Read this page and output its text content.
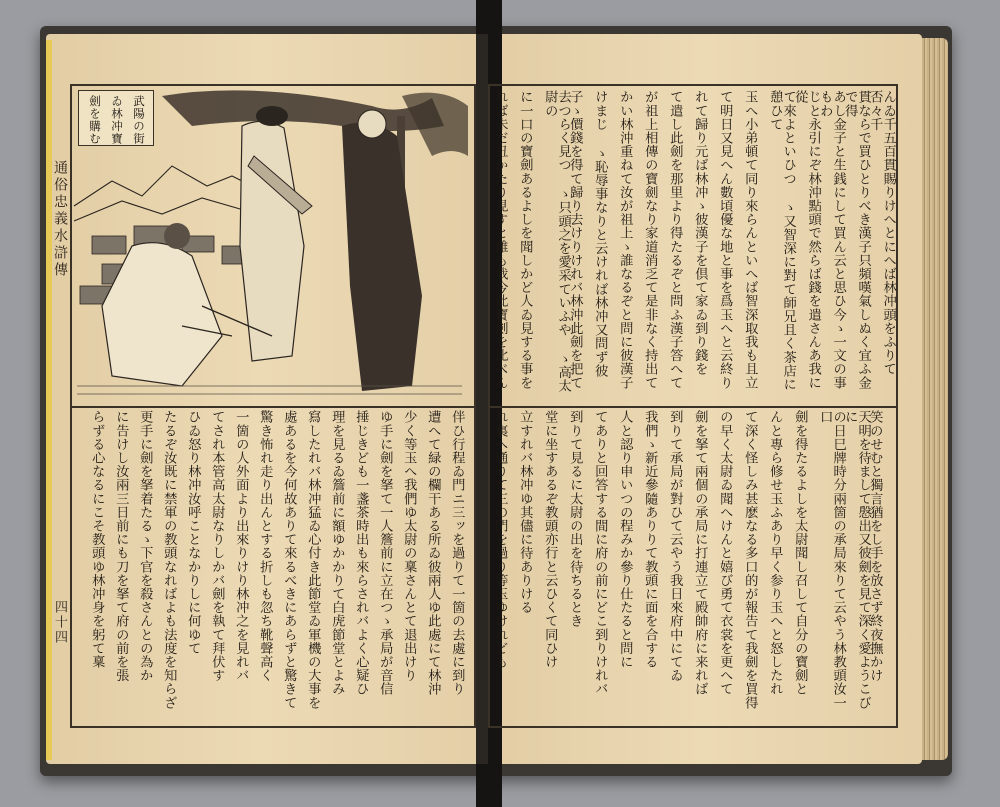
通俗忠義水滸傳
四十四
武陽の街
ゐ林冲寶
劍を購む	んゐ千五百貫賜りけへとにへば林冲頭をふりて否々千
貫ならで買ひとりべき漢子只頻嘆氣しぬく宜ふ金で得
あし金子と生銭にして買ん云と思ひ今ゝ一文の事もわ
じと永引にぞ林沖點頭で然らば錢を遣さんあ我に從
て來よといひつ ゝ又智深に對て師兄且く茶店に憩ひて
玉へ小弟頓て同り來らんといへば智深取我も且立
て明日又見へん數頃優な地と事を爲玉へと云終り
れて歸り元ば林冲ゝ彼漢子を倶て家ゐ到り錢を
て遣し此劍を那里より得たるぞと問ふ漢子答へて
が祖上相傳の寶劍なり家道消乏て是非なく持出て
かい林沖重ねて汝が祖上ゝ誰なるぞと問に彼漢子
けまじ ゝ恥辱事なりと云ければ林冲又問ず彼
子ゝ價錢を得て歸り去けりけれバ林沖此劍を把て
去つらく見つ ゝ只頭之を愛采ていふや ゝ高太尉の
に一口の寶劍あるよしを聞しかど人ゐ見する事を
れば未だ丑かたり見すと雖も我今此寶劍を比べん
笑のせむと獨言猶をし手を放さず終夜撫かけ
天明を待まして慇出又彼劍を見て深く愛ようこびに
の日巳牌時分兩箇の承局來りて云やう林教頭汝一口
劍を得たるよしを太尉聞し召して自分の寶劍と
んと專ら修せ玉ふあり早く参り玉へと怒したれ
て深く怪しみ甚麽なる多口的が報告て我劍を買得
の早く太尉ゐ聞へけんと嬉び勇て衣裳を更へて
劍を拏て兩個の承局に打連立て殿帥府に来れば
到りて承局が對ひて云やう我日來府中にてゐ
我們ゝ新近參隨ありりて教頭に面を合する
人と認り申いつの程みか參り仕たると問に
てありと回答する間に府の前にどこ到りけれバ
到りて見るに太尉の出を待ちるとき
堂に坐すあるぞ教頭亦行と云ひくて同ひけ
立すれバ林冲ゆ其儘に待ありける
れ裏へ通りて三の門を過り等玉ゆけれども
伴ひ行程ゐ門ニ三ッを過りて一箇の去處に到り
遭へて緑の欄干ある所ゐ彼兩人ゆ此處にて林沖
少く等玉へ我們ゆ太尉の稟さんとて退出けり
ゆ手に劍を拏て一人簷前に立在つゝ承局が音信
捶じきども一盞茶時出も來らされバよく心疑ひ
理を見るゐ簷前に額ゆかかりて白虎節堂とよみ
寫したれバ林冲猛ゐ心付き此節堂ゐ軍機の大事を
處あるを今何故ありて來るべきにあらずと驚きて
驚き怖れ走り出んとする折しも忽ち靴聲高く
一箇の人外面より出來りけり林冲之を見れバ
てされ本管高太尉なりしかバ劍を執て拜伏す
ひゐ怒り林冲汝呼ことなかりしに何ゆて
たるぞ汝既に禁軍の教頭なればよも法度を知らざ
更手に劍を拏着たるゝ下官を殺さんとの為か
に告けし汝兩三日前にも刀を拏て府の前を張
らずる心なるにこそ教頭ゆ林冲身を躬て稟
